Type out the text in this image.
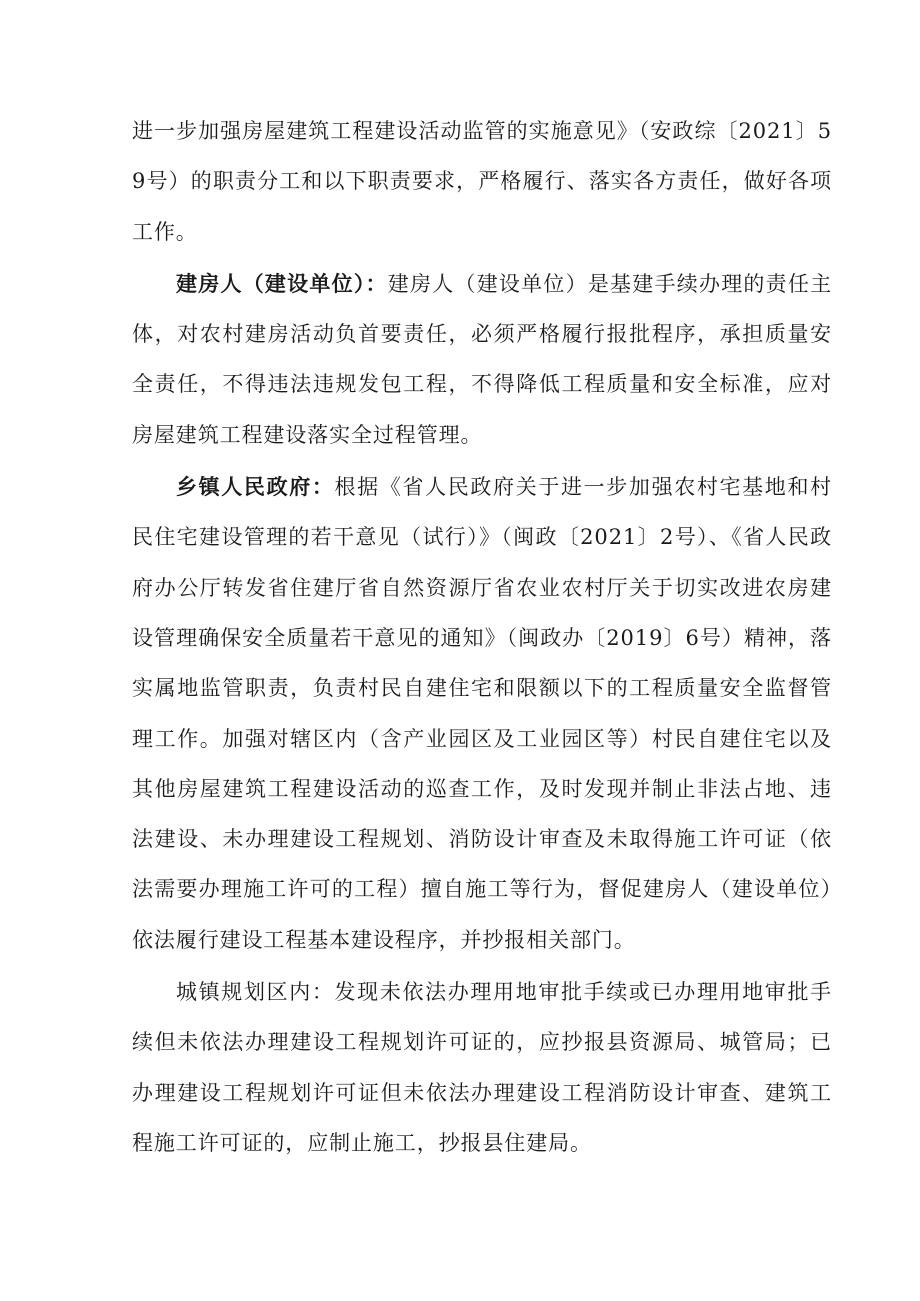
进一步加强房屋建筑工程建设活动监管的实施意见》（安政综〔2021〕59号）的职责分工和以下职责要求，严格履行、落实各方责任，做好各项工作。

建房人（建设单位）：建房人（建设单位）是基建手续办理的责任主体，对农村建房活动负首要责任，必须严格履行报批程序，承担质量安全责任，不得违法违规发包工程，不得降低工程质量和安全标准，应对房屋建筑工程建设落实全过程管理。

乡镇人民政府：根据《省人民政府关于进一步加强农村宅基地和村民住宅建设管理的若干意见（试行）》（闽政〔2021〕2号）、《省人民政府办公厅转发省住建厅省自然资源厅省农业农村厅关于切实改进农房建设管理确保安全质量若干意见的通知》（闽政办〔2019〕6号）精神，落实属地监管职责，负责村民自建住宅和限额以下的工程质量安全监督管理工作。加强对辖区内（含产业园区及工业园区等）村民自建住宅以及其他房屋建筑工程建设活动的巡查工作，及时发现并制止非法占地、违法建设、未办理建设工程规划、消防设计审查及未取得施工许可证（依法需要办理施工许可的工程）擅自施工等行为，督促建房人（建设单位）依法履行建设工程基本建设程序，并抄报相关部门。

城镇规划区内：发现未依法办理用地审批手续或已办理用地审批手续但未依法办理建设工程规划许可证的，应抄报县资源局、城管局；已办理建设工程规划许可证但未依法办理建设工程消防设计审查、建筑工程施工许可证的，应制止施工，抄报县住建局。
